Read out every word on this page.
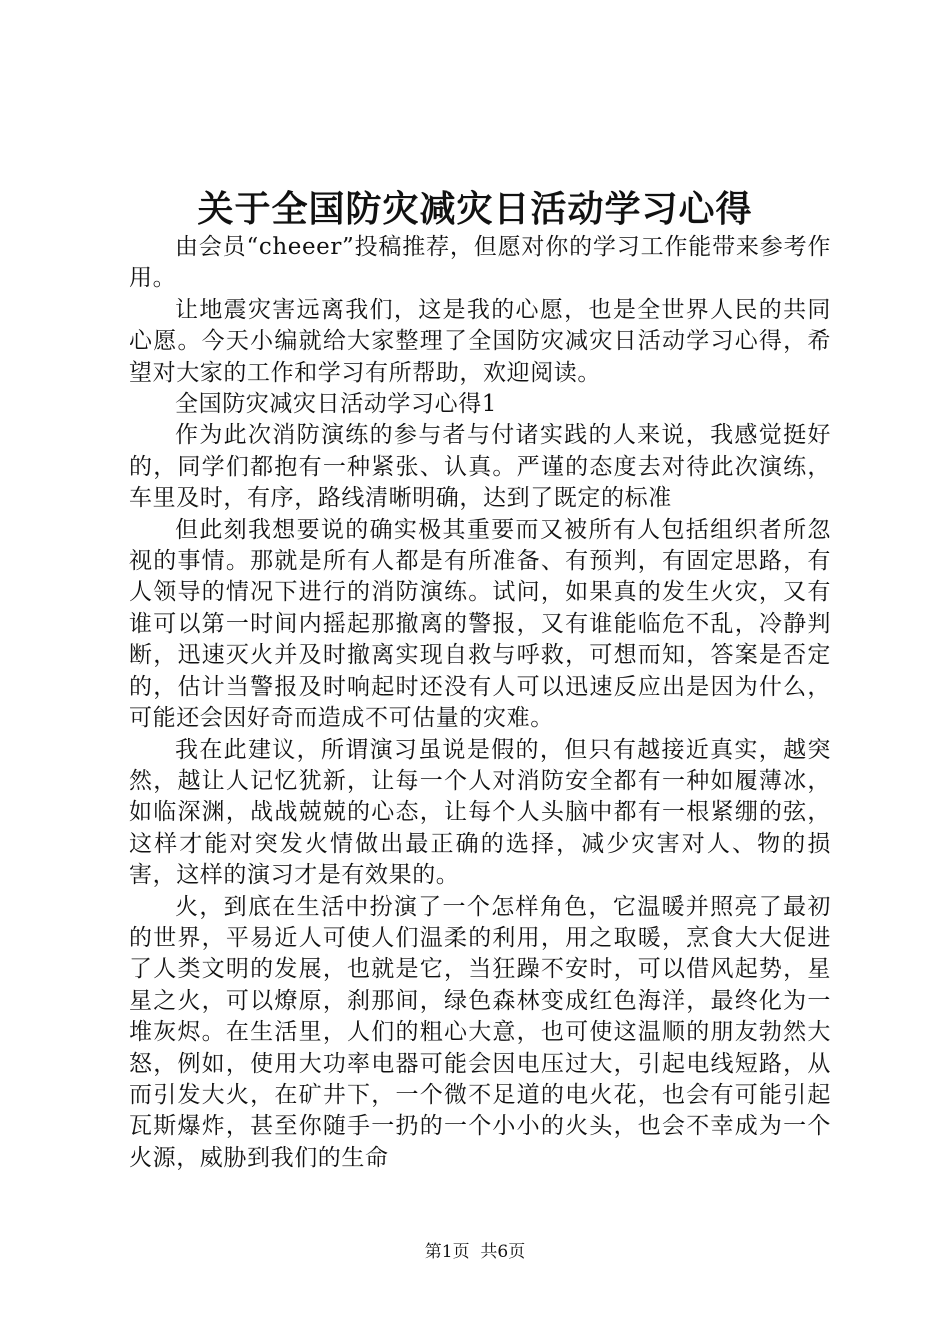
关于全国防灾减灾日活动学习心得

由会员“cheeer”投稿推荐，但愿对你的学习工作能带来参考作用。

让地震灾害远离我们，这是我的心愿，也是全世界人民的共同心愿。今天小编就给大家整理了全国防灾减灾日活动学习心得，希望对大家的工作和学习有所帮助，欢迎阅读。

全国防灾减灾日活动学习心得1

作为此次消防演练的参与者与付诸实践的人来说，我感觉挺好的，同学们都抱有一种紧张、认真。严谨的态度去对待此次演练，车里及时，有序，路线清晰明确，达到了既定的标准

但此刻我想要说的确实极其重要而又被所有人包括组织者所忽视的事情。那就是所有人都是有所准备、有预判，有固定思路，有人领导的情况下进行的消防演练。试问，如果真的发生火灾，又有谁可以第一时间内摇起那撤离的警报，又有谁能临危不乱，冷静判断，迅速灭火并及时撤离实现自救与呼救，可想而知，答案是否定的，估计当警报及时响起时还没有人可以迅速反应出是因为什么，可能还会因好奇而造成不可估量的灾难。

我在此建议，所谓演习虽说是假的，但只有越接近真实，越突然，越让人记忆犹新，让每一个人对消防安全都有一种如履薄冰，如临深渊，战战兢兢的心态，让每个人头脑中都有一根紧绷的弦，这样才能对突发火情做出最正确的选择，减少灾害对人、物的损害，这样的演习才是有效果的。

火，到底在生活中扮演了一个怎样角色，它温暖并照亮了最初的世界，平易近人可使人们温柔的利用，用之取暖，烹食大大促进了人类文明的发展，也就是它，当狂躁不安时，可以借风起势，星星之火，可以燎原，刹那间，绿色森林变成红色海洋，最终化为一堆灰烬。在生活里，人们的粗心大意，也可使这温顺的朋友勃然大怒，例如，使用大功率电器可能会因电压过大，引起电线短路，从而引发大火，在矿井下，一个微不足道的电火花，也会有可能引起瓦斯爆炸，甚至你随手一扔的一个小小的火头，也会不幸成为一个火源，威胁到我们的生命

第1页 共6页
